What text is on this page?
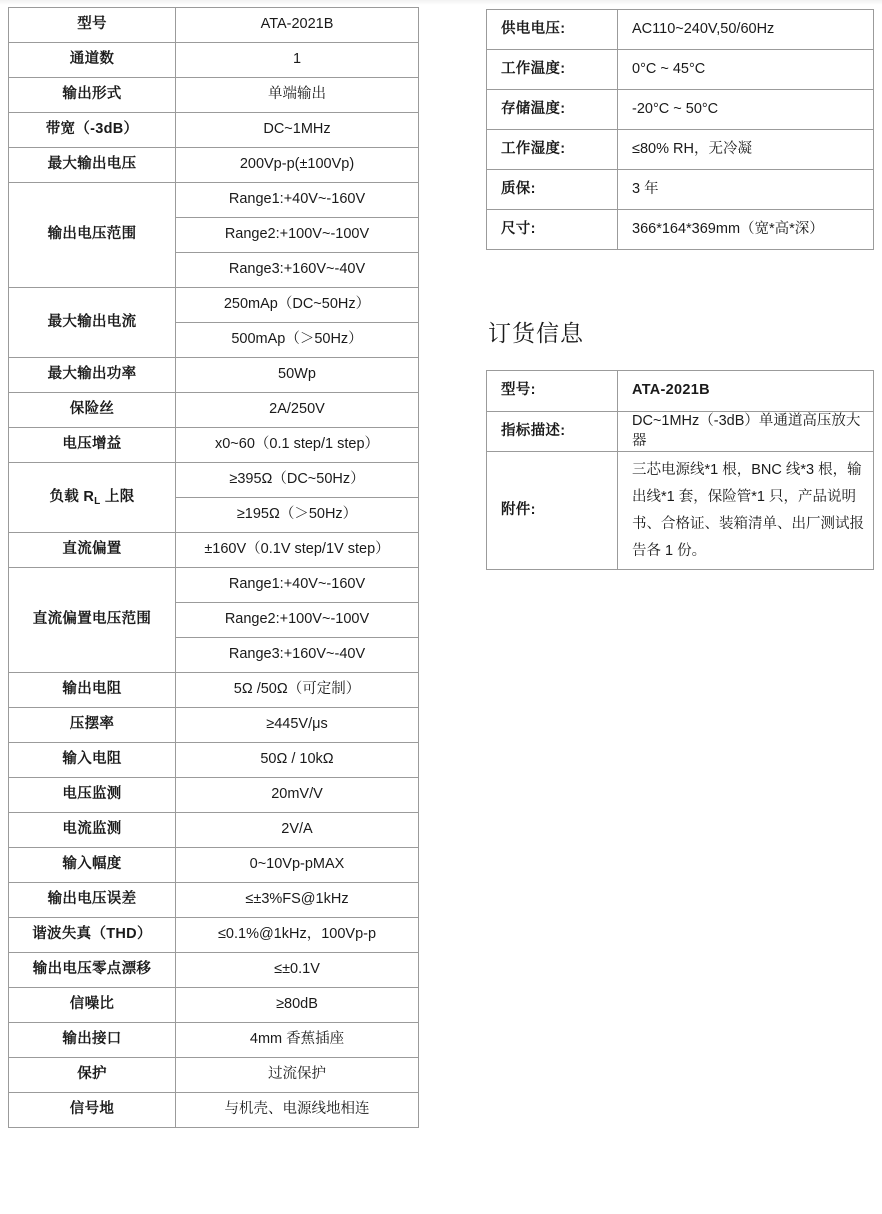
型号	ATA-2021B
通道数	1
输出形式	单端输出
带宽（-3dB）	DC~1MHz
最大输出电压	200Vp-p(±100Vp)
输出电压范围	Range1:+40V~-160V
	Range2:+100V~-100V
	Range3:+160V~-40V
最大输出电流	250mAp（DC~50Hz）
	500mAp（＞50Hz）
最大输出功率	50Wp
保险丝	2A/250V
电压增益	x0~60（0.1 step/1 step）
负载 $R_L$ 上限	≥395Ω（DC~50Hz）
	≥195Ω（＞50Hz）
直流偏置	±160V（0.1V step/1V step）
直流偏置电压范围	Range1:+40V~-160V
	Range2:+100V~-100V
	Range3:+160V~-40V
输出电阻	5Ω /50Ω（可定制）
压摆率	≥445V/μs
输入电阻	50Ω / 10kΩ
电压监测	20mV/V
电流监测	2V/A
输入幅度	0~10Vp-pMAX
输出电压误差	≤±3%FS@1kHz
谐波失真（THD）	≤0.1%@1kHz，100Vp-p
输出电压零点漂移	≤±0.1V
信噪比	≥80dB
输出接口	4mm 香蕉插座
保护	过流保护
信号地	与机壳、电源线地相连
供电电压:	AC110~240V,50/60Hz
工作温度:	0°C ~ 45°C
存储温度:	-20°C ~ 50°C
工作湿度:	≤80% RH，无冷凝
质保:	3 年
尺寸:	366*164*369mm（宽*高*深）
订货信息
型号:	ATA-2021B
指标描述:	DC~1MHz（-3dB）单通道高压放大器
附件:	三芯电源线*1 根，BNC 线*3 根，输出线*1 套，保险管*1 只，产品说明书、合格证、装箱清单、出厂测试报告各 1 份。
